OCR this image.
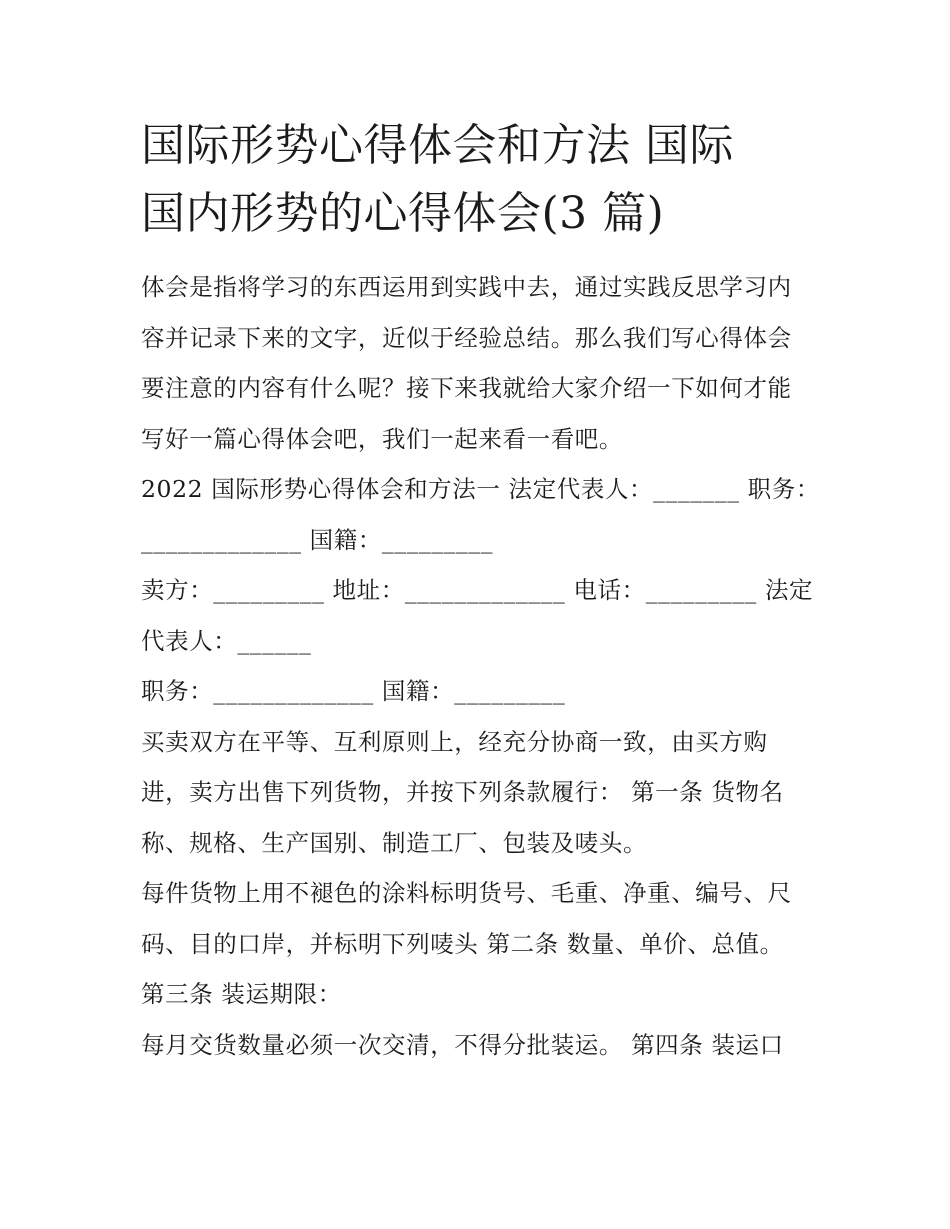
国际形势心得体会和方法 国际
国内形势的心得体会(3 篇)

体会是指将学习的东西运用到实践中去，通过实践反思学习内
容并记录下来的文字，近似于经验总结。那么我们写心得体会
要注意的内容有什么呢？接下来我就给大家介绍一下如何才能
写好一篇心得体会吧，我们一起来看一看吧。

2022 国际形势心得体会和方法一 法定代表人：_______ 职务：
_____________ 国籍：_________

卖方：_________ 地址：_____________ 电话：_________ 法定
代表人：______

职务：_____________ 国籍：_________

买卖双方在平等、互利原则上，经充分协商一致，由买方购
进，卖方出售下列货物，并按下列条款履行： 第一条 货物名
称、规格、生产国别、制造工厂、包装及唛头。

每件货物上用不褪色的涂料标明货号、毛重、净重、编号、尺
码、目的口岸，并标明下列唛头 第二条 数量、单价、总值。

第三条 装运期限：

每月交货数量必须一次交清，不得分批装运。 第四条 装运口
